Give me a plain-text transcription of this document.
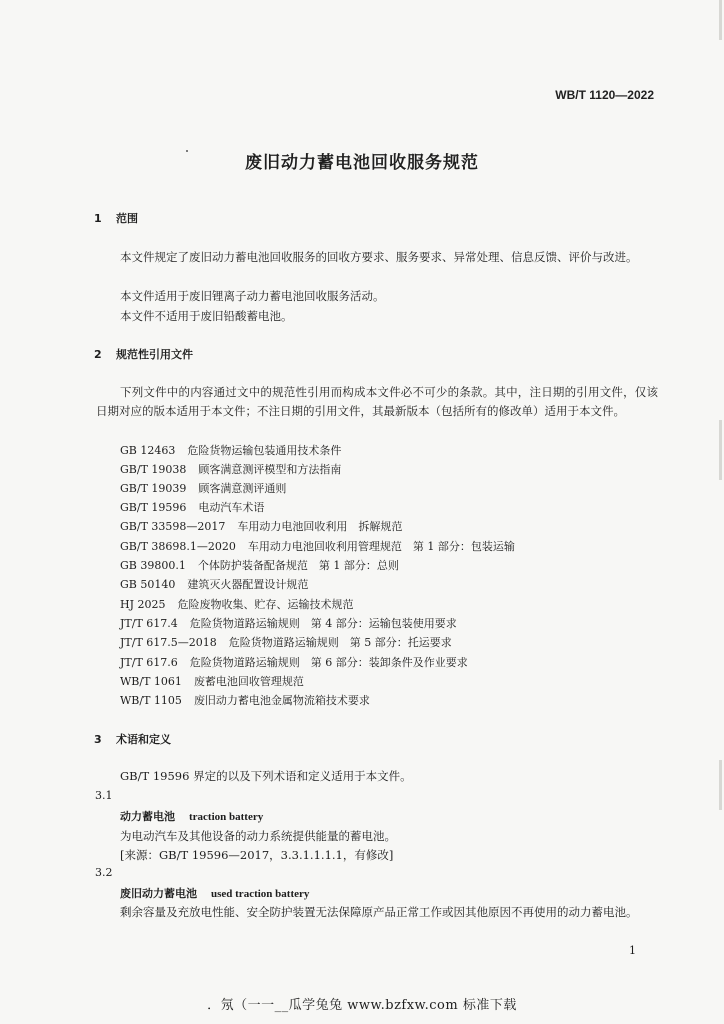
WB/T 1120—2022
废旧动力蓄电池回收服务规范
1 范围
本文件规定了废旧动力蓄电池回收服务的回收方要求、服务要求、异常处理、信息反馈、评价与改进。
本文件适用于废旧锂离子动力蓄电池回收服务活动。
本文件不适用于废旧铅酸蓄电池。
2 规范性引用文件
下列文件中的内容通过文中的规范性引用而构成本文件必不可少的条款。其中，注日期的引用文件，仅该日期对应的版本适用于本文件；不注日期的引用文件，其最新版本（包括所有的修改单）适用于本文件。
GB 12463 危险货物运输包装通用技术条件
GB/T 19038 顾客满意测评模型和方法指南
GB/T 19039 顾客满意测评通则
GB/T 19596 电动汽车术语
GB/T 33598—2017 车用动力电池回收利用　拆解规范
GB/T 38698.1—2020 车用动力电池回收利用管理规范　第 1 部分：包装运输
GB 39800.1 个体防护装备配备规范　第 1 部分：总则
GB 50140 建筑灭火器配置设计规范
HJ 2025 危险废物收集、贮存、运输技术规范
JT/T 617.4 危险货物道路运输规则　第 4 部分：运输包装使用要求
JT/T 617.5—2018 危险货物道路运输规则　第 5 部分：托运要求
JT/T 617.6 危险货物道路运输规则　第 6 部分：装卸条件及作业要求
WB/T 1061 废蓄电池回收管理规范
WB/T 1105 废旧动力蓄电池金属物流箱技术要求
3 术语和定义
GB/T 19596 界定的以及下列术语和定义适用于本文件。
3.1
动力蓄电池 traction battery
为电动汽车及其他设备的动力系统提供能量的蓄电池。
[来源：GB/T 19596—2017，3.3.1.1.1.1，有修改]
3.2
废旧动力蓄电池 used traction battery
剩余容量及充放电性能、安全防护装置无法保障原产品正常工作或因其他原因不再使用的动力蓄电池。
1
．氖（一一__瓜学兔兔 www.bzfxw.com 标准下载
